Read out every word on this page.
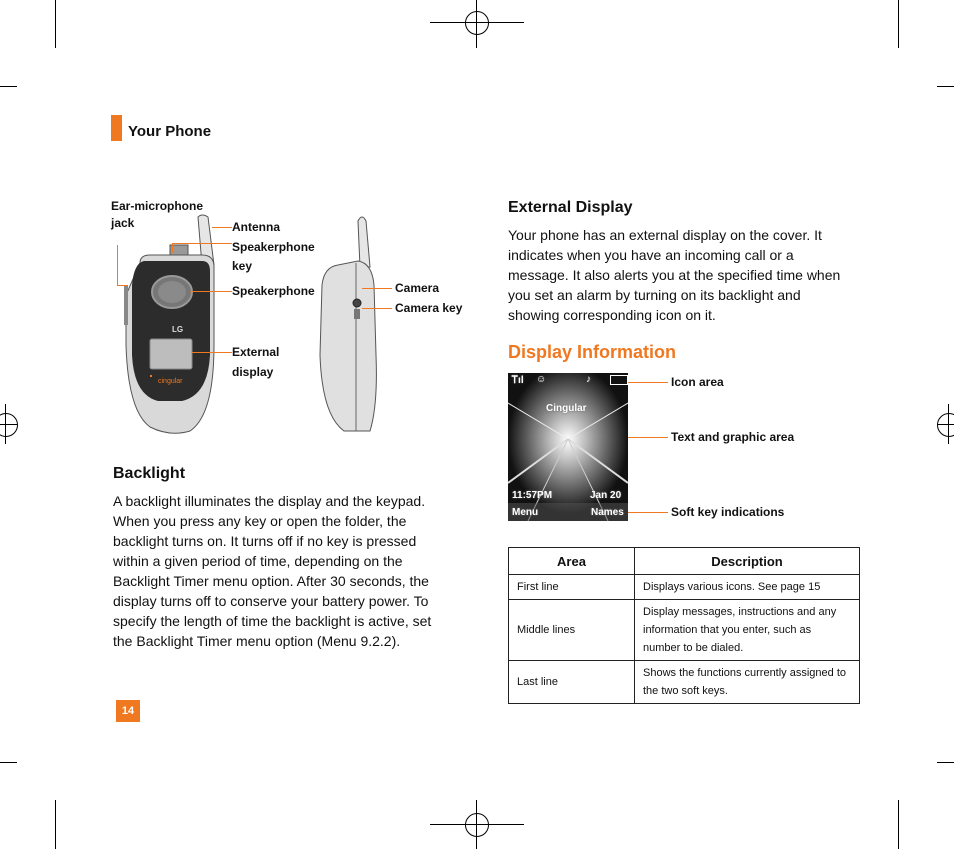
Your Phone
Ear-microphone
jack	Antenna
Speakerphone
key
Speakerphone
External
display
Camera
Camera key
LG
cingular
Backlight
A backlight illuminates the display and the keypad. When you press any key or open the folder, the backlight turns on. It turns off if no key is pressed within a given period of time, depending on the Backlight Timer menu option. After 30 seconds, the display turns off to conserve your battery power. To specify the length of time the backlight is active, set the Backlight Timer menu option (Menu 9.2.2).
External Display
Your phone has an external display on the cover. It indicates when you have an incoming call or a message. It also alerts you at the specified time when you set an alarm by turning on its backlight and showing corresponding icon on it.
Display Information
Ꭲıl ☺	♪
Cingular
11:57PM	Jan 20
Menu	Names
Icon area
Text and graphic area
Soft key indications
Area	Description
First line	Displays various icons. See page 15
Middle lines	Display messages, instructions and any information that you enter, such as number to be dialed.
Last line	Shows the functions currently assigned to the two soft keys.
14
